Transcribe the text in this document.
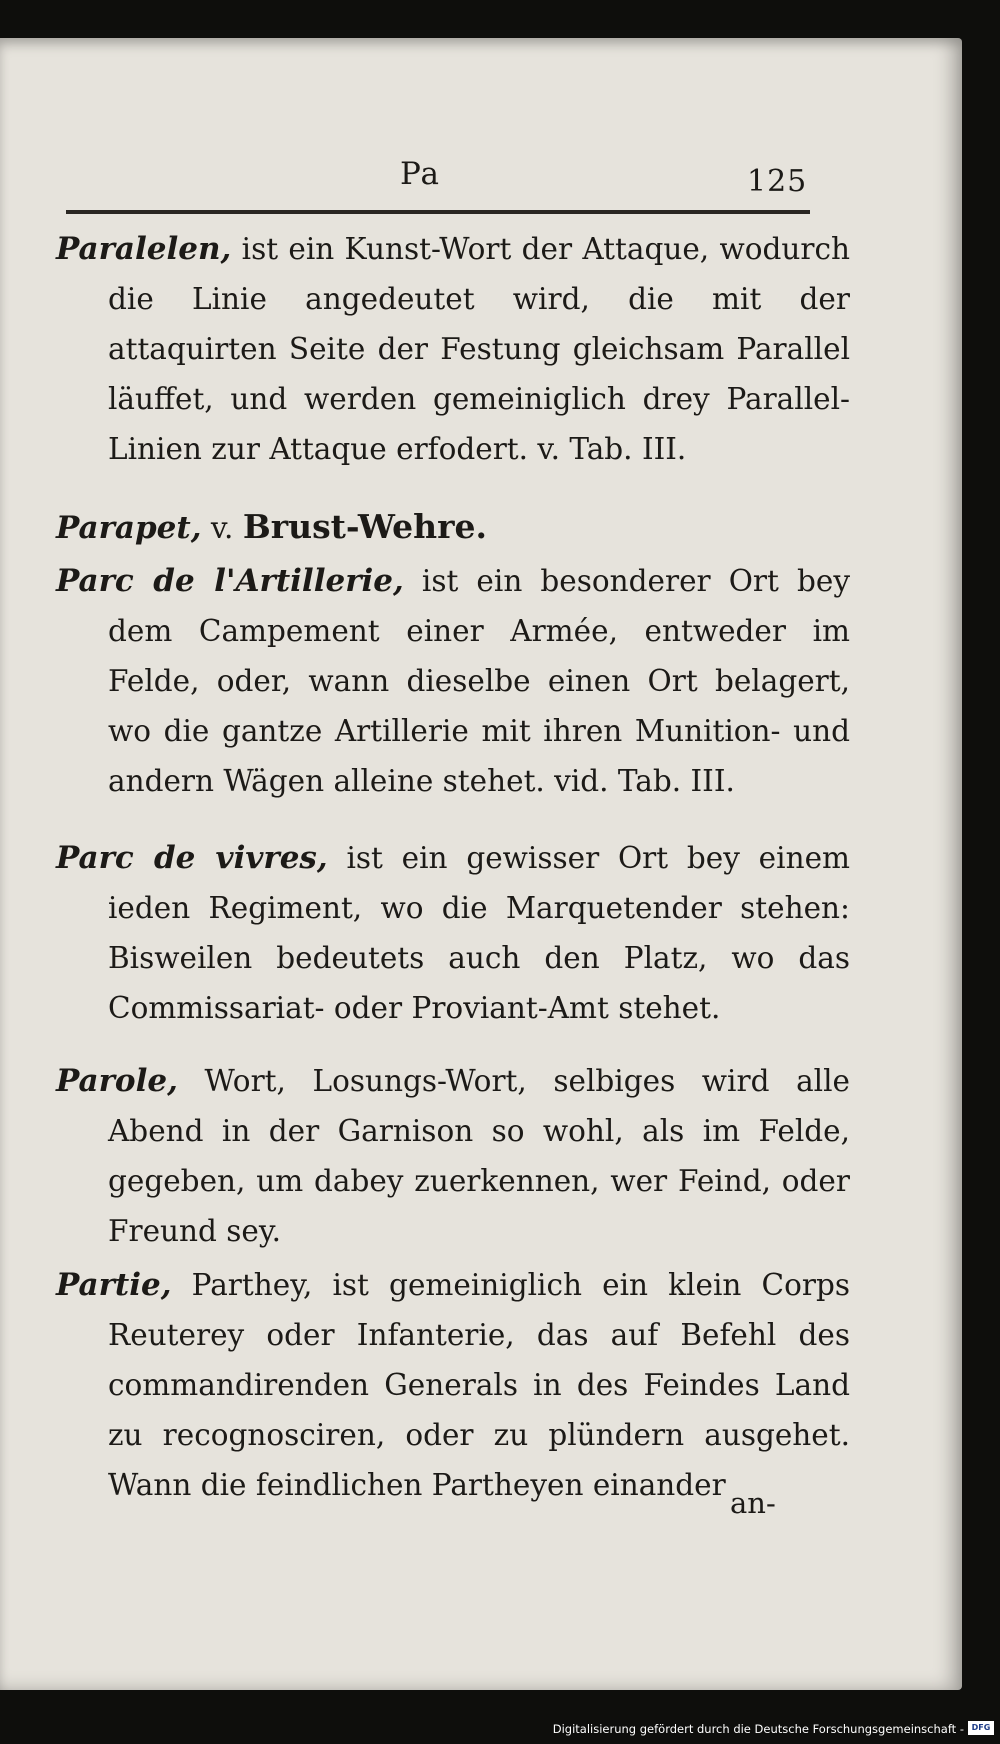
Pa	125

Paralelen, ist ein Kunst-Wort der Attaque, wodurch die Linie angedeutet wird, die mit der attaquirten Seite der Festung gleichsam Parallel läuffet, und werden gemeiniglich drey Parallel-Linien zur Attaque erfodert. v. Tab. III.

Parapet, v. Brust-Wehre.

Parc de l'Artillerie, ist ein besonderer Ort bey dem Campement einer Armée, entweder im Felde, oder, wann dieselbe einen Ort belagert, wo die gantze Artillerie mit ihren Munition- und andern Wägen alleine stehet. vid. Tab. III.

Parc de vivres, ist ein gewisser Ort bey einem ieden Regiment, wo die Marquetender stehen: Bisweilen bedeutets auch den Platz, wo das Commissariat- oder Proviant-Amt stehet.

Parole, Wort, Losungs-Wort, selbiges wird alle Abend in der Garnison so wohl, als im Felde, gegeben, um dabey zuerkennen, wer Feind, oder Freund sey.

Partie, Parthey, ist gemeiniglich ein klein Corps Reuterey oder Infanterie, das auf Befehl des commandirenden Generals in des Feindes Land zu recognosciren, oder zu plündern ausgehet. Wann die feindlichen Partheyen einander

an-
Digitalisierung gefördert durch die Deutsche Forschungsgemeinschaft - DFG
